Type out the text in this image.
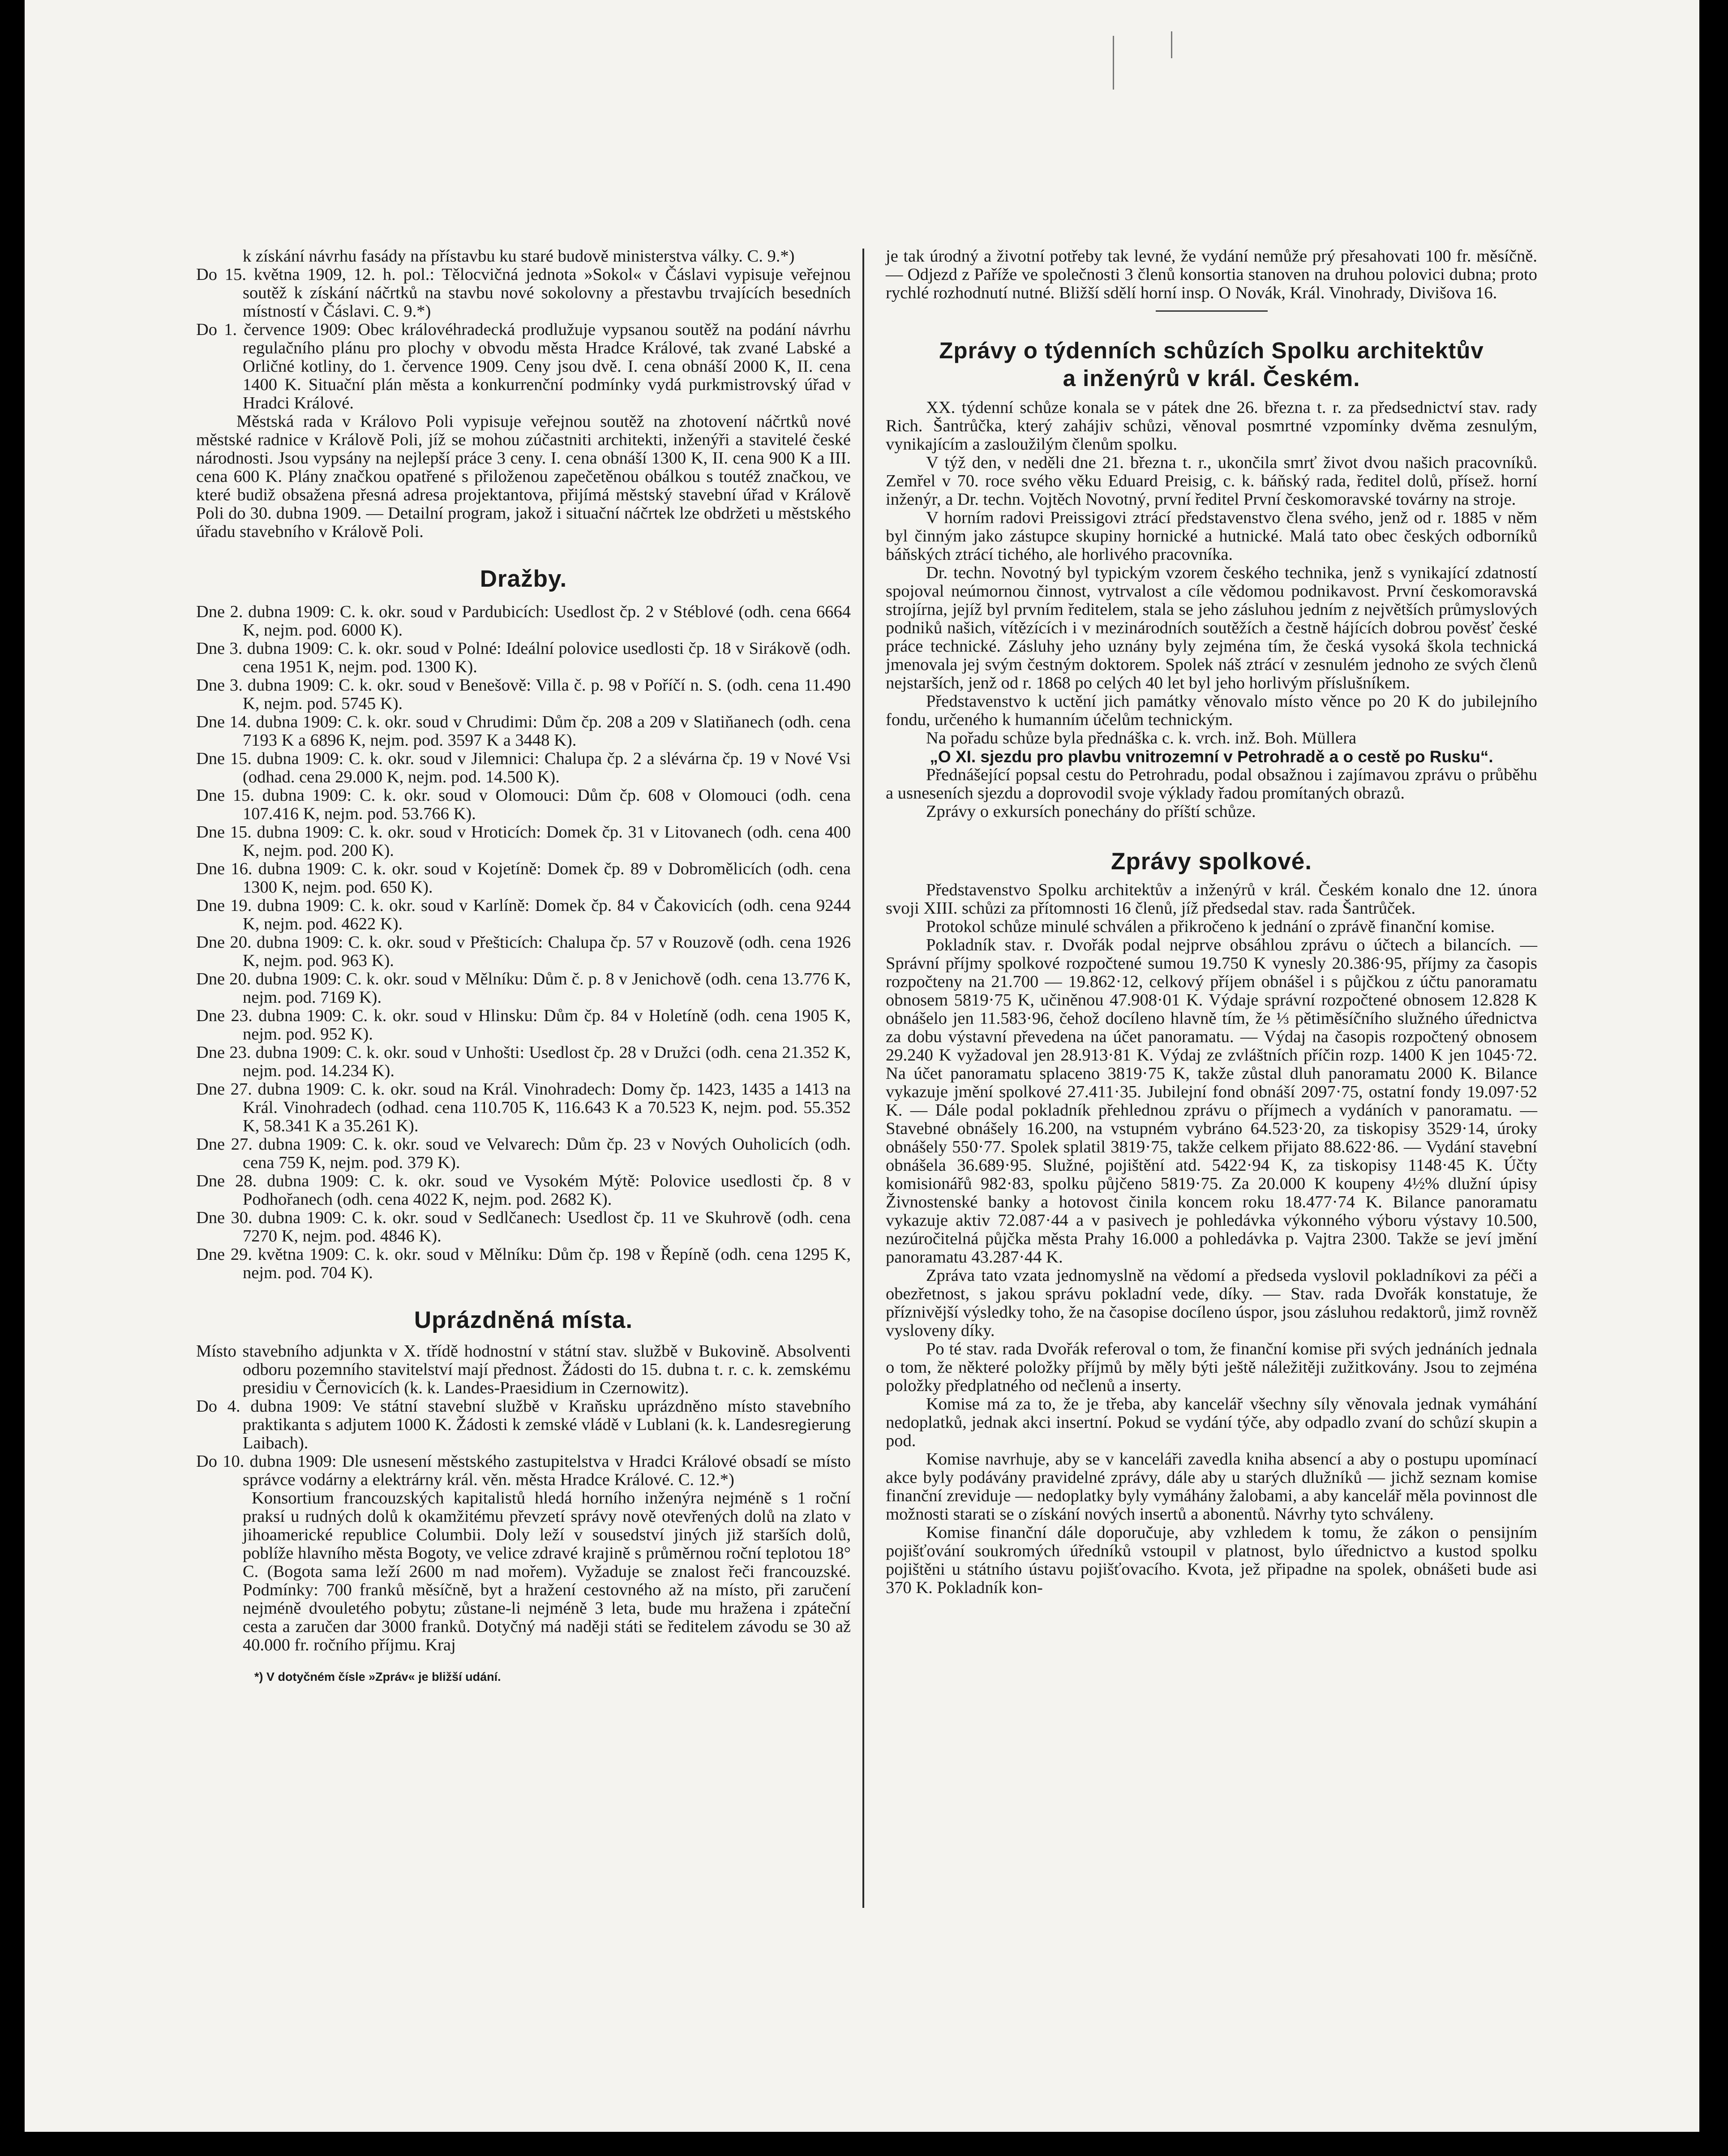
k získání návrhu fasády na přístavbu ku staré budově ministerstva války. C. 9.*)

Do 15. května 1909, 12. h. pol.: Tělocvičná jednota »Sokol« v Čáslavi vypisuje veřejnou soutěž k získání náčrtků na stavbu nové sokolovny a přestavbu trvajících besedních místností v Čáslavi. C. 9.*)

Do 1. července 1909: Obec královéhradecká prodlužuje vypsanou soutěž na podání návrhu regulačního plánu pro plochy v obvodu města Hradce Králové, tak zvané Labské a Orličné kotliny, do 1. července 1909. Ceny jsou dvě. I. cena obnáší 2000 K, II. cena 1400 K. Situační plán města a konkurrenční podmínky vydá purkmistrovský úřad v Hradci Králové.

Městská rada v Královo Poli vypisuje veřejnou soutěž na zhotovení náčrtků nové městské radnice v Králově Poli, jíž se mohou zúčastniti architekti, inženýři a stavitelé české národnosti. Jsou vypsány na nejlepší práce 3 ceny. I. cena obnáší 1300 K, II. cena 900 K a III. cena 600 K. Plány značkou opatřené s přiloženou zapečetěnou obálkou s toutéž značkou, ve které budiž obsažena přesná adresa projektantova, přijímá městský stavební úřad v Králově Poli do 30. dubna 1909. — Detailní program, jakož i situační náčrtek lze obdržeti u městského úřadu stavebního v Králově Poli.

Dražby.

Dne 2. dubna 1909: C. k. okr. soud v Pardubicích: Usedlost čp. 2 v Stéblové (odh. cena 6664 K, nejm. pod. 6000 K).

Dne 3. dubna 1909: C. k. okr. soud v Polné: Ideální polovice usedlosti čp. 18 v Sirákově (odh. cena 1951 K, nejm. pod. 1300 K).

Dne 3. dubna 1909: C. k. okr. soud v Benešově: Villa č. p. 98 v Poříčí n. S. (odh. cena 11.490 K, nejm. pod. 5745 K).

Dne 14. dubna 1909: C. k. okr. soud v Chrudimi: Dům čp. 208 a 209 v Slatiňanech (odh. cena 7193 K a 6896 K, nejm. pod. 3597 K a 3448 K).

Dne 15. dubna 1909: C. k. okr. soud v Jilemnici: Chalupa čp. 2 a slévárna čp. 19 v Nové Vsi (odhad. cena 29.000 K, nejm. pod. 14.500 K).

Dne 15. dubna 1909: C. k. okr. soud v Olomouci: Dům čp. 608 v Olomouci (odh. cena 107.416 K, nejm. pod. 53.766 K).

Dne 15. dubna 1909: C. k. okr. soud v Hroticích: Domek čp. 31 v Litovanech (odh. cena 400 K, nejm. pod. 200 K).

Dne 16. dubna 1909: C. k. okr. soud v Kojetíně: Domek čp. 89 v Dobromělicích (odh. cena 1300 K, nejm. pod. 650 K).

Dne 19. dubna 1909: C. k. okr. soud v Karlíně: Domek čp. 84 v Čakovicích (odh. cena 9244 K, nejm. pod. 4622 K).

Dne 20. dubna 1909: C. k. okr. soud v Přešticích: Chalupa čp. 57 v Rouzově (odh. cena 1926 K, nejm. pod. 963 K).

Dne 20. dubna 1909: C. k. okr. soud v Mělníku: Dům č. p. 8 v Jenichově (odh. cena 13.776 K, nejm. pod. 7169 K).

Dne 23. dubna 1909: C. k. okr. soud v Hlinsku: Dům čp. 84 v Holetíně (odh. cena 1905 K, nejm. pod. 952 K).

Dne 23. dubna 1909: C. k. okr. soud v Unhošti: Usedlost čp. 28 v Družci (odh. cena 21.352 K, nejm. pod. 14.234 K).

Dne 27. dubna 1909: C. k. okr. soud na Král. Vinohradech: Domy čp. 1423, 1435 a 1413 na Král. Vinohradech (odhad. cena 110.705 K, 116.643 K a 70.523 K, nejm. pod. 55.352 K, 58.341 K a 35.261 K).

Dne 27. dubna 1909: C. k. okr. soud ve Velvarech: Dům čp. 23 v Nových Ouholicích (odh. cena 759 K, nejm. pod. 379 K).

Dne 28. dubna 1909: C. k. okr. soud ve Vysokém Mýtě: Polovice usedlosti čp. 8 v Podhořanech (odh. cena 4022 K, nejm. pod. 2682 K).

Dne 30. dubna 1909: C. k. okr. soud v Sedlčanech: Usedlost čp. 11 ve Skuhrově (odh. cena 7270 K, nejm. pod. 4846 K).

Dne 29. května 1909: C. k. okr. soud v Mělníku: Dům čp. 198 v Řepíně (odh. cena 1295 K, nejm. pod. 704 K).

Uprázdněná místa.

Místo stavebního adjunkta v X. třídě hodnostní v státní stav. službě v Bukovině. Absolventi odboru pozemního stavitelství mají přednost. Žádosti do 15. dubna t. r. c. k. zemskému presidiu v Černovicích (k. k. Landes-Praesidium in Czernowitz).

Do 4. dubna 1909: Ve státní stavební službě v Kraňsku uprázdněno místo stavebního praktikanta s adjutem 1000 K. Žádosti k zemské vládě v Lublani (k. k. Landesregierung Laibach).

Do 10. dubna 1909: Dle usnesení městského zastupitelstva v Hradci Králové obsadí se místo správce vodárny a elektrárny král. věn. města Hradce Králové. C. 12.*)

Konsortium francouzských kapitalistů hledá horního inženýra nejméně s 1 roční praksí u rudných dolů k okamžitému převzetí správy nově otevřených dolů na zlato v jihoamerické republice Columbii. Doly leží v sousedství jiných již starších dolů, poblíže hlavního města Bogoty, ve velice zdravé krajině s průměrnou roční teplotou 18° C. (Bogota sama leží 2600 m nad mořem). Vyžaduje se znalost řeči francouzské. Podmínky: 700 franků měsíčně, byt a hražení cestovného až na místo, při zaručení nejméně dvouletého pobytu; zůstane-li nejméně 3 leta, bude mu hražena i zpáteční cesta a zaručen dar 3000 franků. Dotyčný má naději státi se ředitelem závodu se 30 až 40.000 fr. ročního příjmu. Kraj

*) V dotyčném čísle »Zpráv« je bližší udání.

je tak úrodný a životní potřeby tak levné, že vydání nemůže prý přesahovati 100 fr. měsíčně. — Odjezd z Paříže ve společnosti 3 členů konsortia stanoven na druhou polovici dubna; proto rychlé rozhodnutí nutné. Bližší sdělí horní insp. O Novák, Král. Vinohrady, Divišova 16.

Zprávy o týdenních schůzích Spolku architektův
a inženýrů v král. Českém.

XX. týdenní schůze konala se v pátek dne 26. března t. r. za předsednictví stav. rady Rich. Šantrůčka, který zahájiv schůzi, věnoval posmrtné vzpomínky dvěma zesnulým, vynikajícím a zasloužilým členům spolku.

V týž den, v neděli dne 21. března t. r., ukončila smrť život dvou našich pracovníků. Zemřel v 70. roce svého věku Eduard Preisig, c. k. báňský rada, ředitel dolů, přísež. horní inženýr, a Dr. techn. Vojtěch Novotný, první ředitel První českomoravské továrny na stroje.

V horním radovi Preissigovi ztrácí představenstvo člena svého, jenž od r. 1885 v něm byl činným jako zástupce skupiny hornické a hutnické. Malá tato obec českých odborníků báňských ztrácí tichého, ale horlivého pracovníka.

Dr. techn. Novotný byl typickým vzorem českého technika, jenž s vynikající zdatností spojoval neúmornou činnost, vytrvalost a cíle vědomou podnikavost. První českomoravská strojírna, jejíž byl prvním ředitelem, stala se jeho zásluhou jedním z největších průmyslových podniků našich, vítězících i v mezinárodních soutěžích a čestně hájících dobrou pověsť české práce technické. Zásluhy jeho uznány byly zejména tím, že česká vysoká škola technická jmenovala jej svým čestným doktorem. Spolek náš ztrácí v zesnulém jednoho ze svých členů nejstarších, jenž od r. 1868 po celých 40 let byl jeho horlivým příslušníkem.

Představenstvo k uctění jich památky věnovalo místo věnce po 20 K do jubilejního fondu, určeného k humanním účelům technickým.

Na pořadu schůze byla přednáška c. k. vrch. inž. Boh. Müllera

„O XI. sjezdu pro plavbu vnitrozemní v Petrohradě a o cestě po Rusku“.

Přednášející popsal cestu do Petrohradu, podal obsažnou i zajímavou zprávu o průběhu a usneseních sjezdu a doprovodil svoje výklady řadou promítaných obrazů.

Zprávy o exkursích ponechány do příští schůze.

Zprávy spolkové.

Představenstvo Spolku architektův a inženýrů v král. Českém konalo dne 12. února svoji XIII. schůzi za přítomnosti 16 členů, jíž předsedal stav. rada Šantrůček.

Protokol schůze minulé schválen a přikročeno k jednání o zprávě finanční komise.

Pokladník stav. r. Dvořák podal nejprve obsáhlou zprávu o účtech a bilancích. — Správní příjmy spolkové rozpočtené sumou 19.750 K vynesly 20.386·95, příjmy za časopis rozpočteny na 21.700 — 19.862·12, celkový příjem obnášel i s půjčkou z účtu panoramatu obnosem 5819·75 K, učiněnou 47.908·01 K. Výdaje správní rozpočtené obnosem 12.828 K obnášelo jen 11.583·96, čehož docíleno hlavně tím, že ⅓ pětiměsíčního služného úřednictva za dobu výstavní převedena na účet panoramatu. — Výdaj na časopis rozpočtený obnosem 29.240 K vyžadoval jen 28.913·81 K. Výdaj ze zvláštních příčin rozp. 1400 K jen 1045·72. Na účet panoramatu splaceno 3819·75 K, takže zůstal dluh panoramatu 2000 K. Bilance vykazuje jmění spolkové 27.411·35. Jubilejní fond obnáší 2097·75, ostatní fondy 19.097·52 K. — Dále podal pokladník přehlednou zprávu o příjmech a vydáních v panoramatu. — Stavebné obnášely 16.200, na vstupném vybráno 64.523·20, za tiskopisy 3529·14, úroky obnášely 550·77. Spolek splatil 3819·75, takže celkem přijato 88.622·86. — Vydání stavební obnášela 36.689·95. Služné, pojištění atd. 5422·94 K, za tiskopisy 1148·45 K. Účty komisionářů 982·83, spolku půjčeno 5819·75. Za 20.000 K koupeny 4½% dlužní úpisy Živnostenské banky a hotovost činila koncem roku 18.477·74 K. Bilance panoramatu vykazuje aktiv 72.087·44 a v pasivech je pohledávka výkonného výboru výstavy 10.500, nezúročitelná půjčka města Prahy 16.000 a pohledávka p. Vajtra 2300. Takže se jeví jmění panoramatu 43.287·44 K.

Zpráva tato vzata jednomyslně na vědomí a předseda vyslovil pokladníkovi za péči a obezřetnost, s jakou správu pokladní vede, díky. — Stav. rada Dvořák konstatuje, že příznivější výsledky toho, že na časopise docíleno úspor, jsou zásluhou redaktorů, jimž rovněž vysloveny díky.

Po té stav. rada Dvořák referoval o tom, že finanční komise při svých jednáních jednala o tom, že některé položky příjmů by měly býti ještě náležitěji zužitkovány. Jsou to zejména položky předplatného od nečlenů a inserty.

Komise má za to, že je třeba, aby kancelář všechny síly věnovala jednak vymáhání nedoplatků, jednak akci insertní. Pokud se vydání týče, aby odpadlo zvaní do schůzí skupin a pod.

Komise navrhuje, aby se v kanceláři zavedla kniha absencí a aby o postupu upomínací akce byly podávány pravidelné zprávy, dále aby u starých dlužníků — jichž seznam komise finanční zreviduje — nedoplatky byly vymáhány žalobami, a aby kancelář měla povinnost dle možnosti starati se o získání nových insertů a abonentů. Návrhy tyto schváleny.

Komise finanční dále doporučuje, aby vzhledem k tomu, že zákon o pensijním pojišťování soukromých úředníků vstoupil v platnost, bylo úřednictvo a kustod spolku pojištěni u státního ústavu pojišťovacího. Kvota, jež připadne na spolek, obnášeti bude asi 370 K. Pokladník kon-
